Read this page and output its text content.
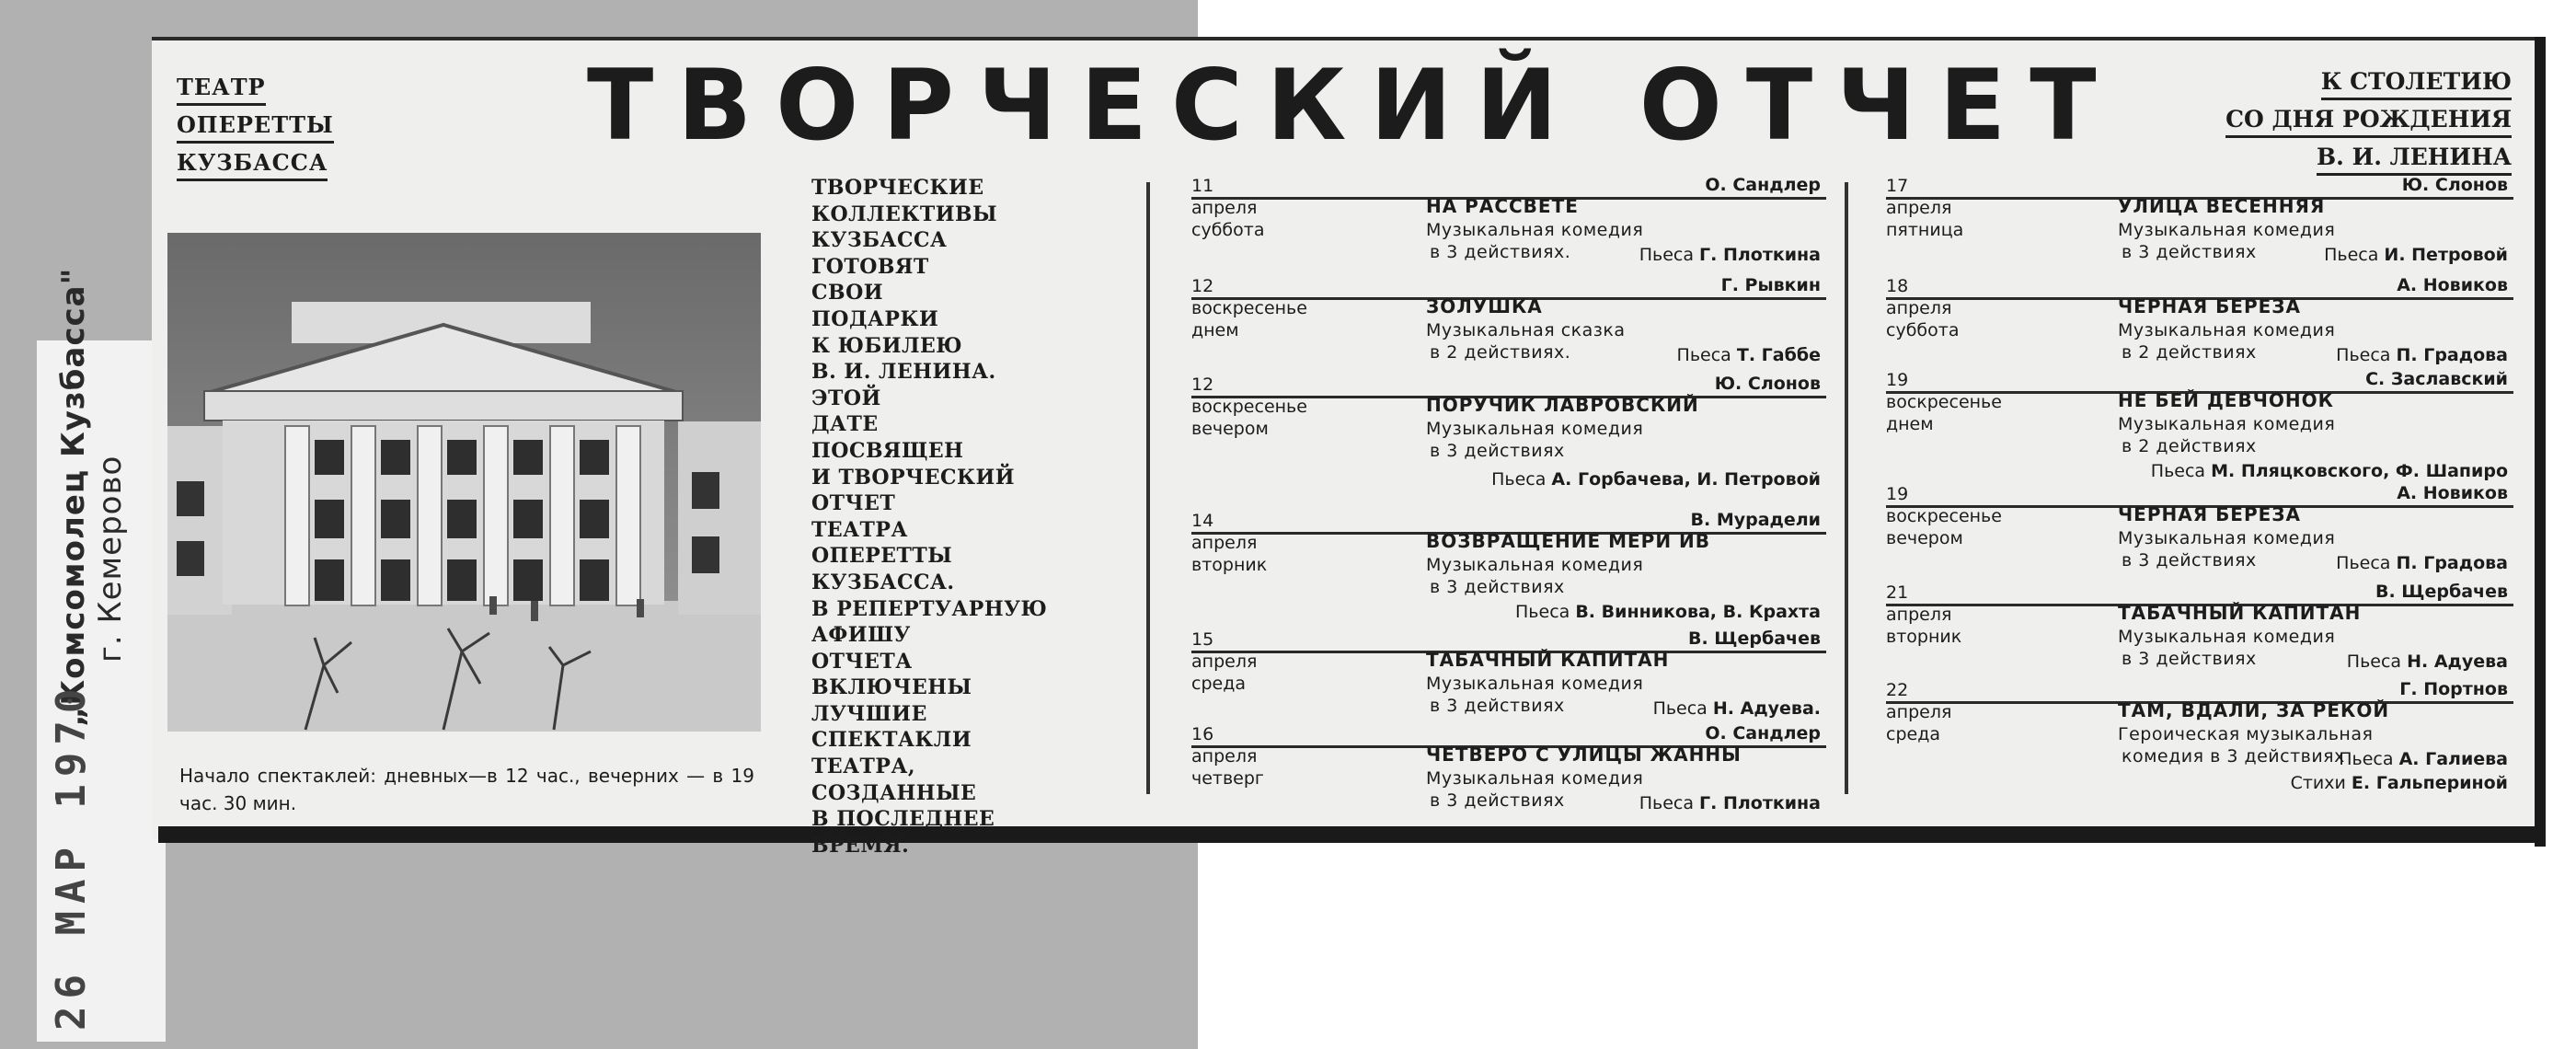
„Комсомолец Кузбасса" г. Кемерово
26 МАР 1970
ТЕАТР
ОПЕРЕТТЫ
КУЗБАССА
ТВОРЧЕСКИЙ ОТЧЕТ	К СТОЛЕТИЮ
СО ДНЯ РОЖДЕНИЯ
В. И. ЛЕНИНА
Начало спектаклей: дневных—в 12 час., вечерних — в 19 час. 30 мин.
ТВОРЧЕСКИЕ
КОЛЛЕКТИВЫ
КУЗБАССА
ГОТОВЯТ
СВОИ
ПОДАРКИ
К ЮБИЛЕЮ
В. И. ЛЕНИНА.
ЭТОЙ
ДАТЕ
ПОСВЯЩЕН
И ТВОРЧЕСКИЙ
ОТЧЕТ
ТЕАТРА
ОПЕРЕТТЫ
КУЗБАССА.
В РЕПЕРТУАРНУЮ
АФИШУ
ОТЧЕТА
ВКЛЮЧЕНЫ
ЛУЧШИЕ
СПЕКТАКЛИ
ТЕАТРА,
СОЗДАННЫЕ
В ПОСЛЕДНЕЕ
ВРЕМЯ.
11	О. Сандлер
апреля
суббота
НА РАССВЕТЕ
Музыкальная комедия
в 3 действиях.	Пьеса Г. Плоткина
12	Г. Рывкин
воскресенье
днем
ЗОЛУШКА
Музыкальная сказка
в 2 действиях.	Пьеса Т. Габбе
12	Ю. Слонов
воскресенье
вечером
ПОРУЧИК ЛАВРОВСКИЙ
Музыкальная комедия
в 3 действиях
Пьеса А. Горбачева, И. Петровой
14	В. Мурадели
апреля
вторник
ВОЗВРАЩЕНИЕ МЕРИ ИВ
Музыкальная комедия
в 3 действиях
Пьеса В. Винникова, В. Крахта
15	В. Щербачев
апреля
среда
ТАБАЧНЫЙ КАПИТАН
Музыкальная комедия
в 3 действиях	Пьеса Н. Адуева.
16	О. Сандлер
апреля
четверг
ЧЕТВЕРО С УЛИЦЫ ЖАННЫ
Музыкальная комедия
в 3 действиях	Пьеса Г. Плоткина
17	Ю. Слонов
апреля
пятница
УЛИЦА ВЕСЕННЯЯ
Музыкальная комедия
в 3 действиях	Пьеса И. Петровой
18	А. Новиков
апреля
суббота
ЧЕРНАЯ БЕРЕЗА
Музыкальная комедия
в 2 действиях	Пьеса П. Градова
19	С. Заславский
воскресенье
днем
НЕ БЕЙ ДЕВЧОНОК
Музыкальная комедия
в 2 действиях
Пьеса М. Пляцковского, Ф. Шапиро
19	А. Новиков
воскресенье
вечером
ЧЕРНАЯ БЕРЕЗА
Музыкальная комедия
в 3 действиях	Пьеса П. Градова
21	В. Щербачев
апреля
вторник
ТАБАЧНЫЙ КАПИТАН
Музыкальная комедия
в 3 действиях	Пьеса Н. Адуева
22	Г. Портнов
апреля
среда
ТАМ, ВДАЛИ, ЗА РЕКОЙ
Героическая музыкальная
комедия в 3 действиях
Пьеса А. Галиева
Стихи Е. Гальпериной
